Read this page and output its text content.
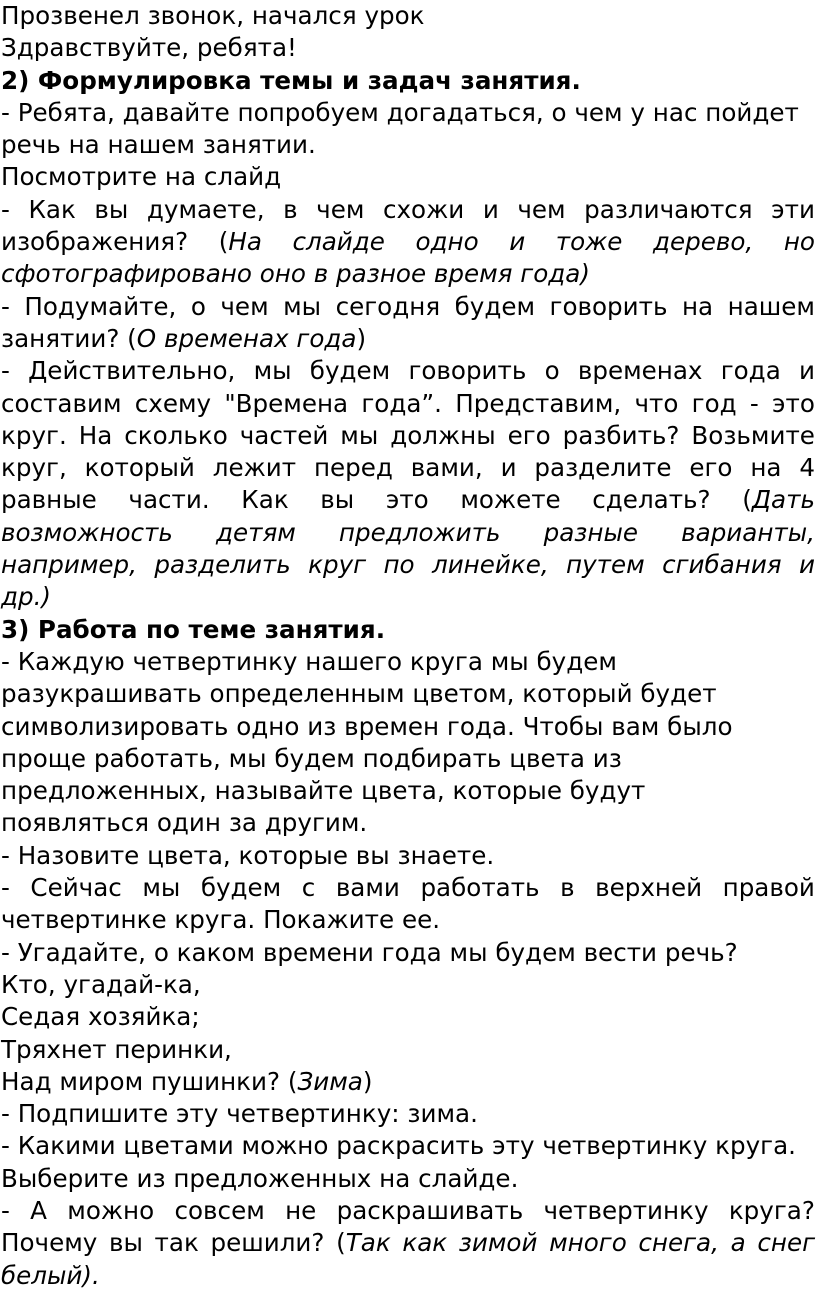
Прозвенел звонок, начался урок
Здравствуйте, ребята!
2) Формулировка темы и задач занятия.
- Ребята, давайте попробуем догадаться, о чем у нас пойдет
речь на нашем занятии.
Посмотрите на слайд
- Как вы думаете, в чем схожи и чем различаются эти
изображения? (На слайде одно и тоже дерево, но
сфотографировано оно в разное время года)
- Подумайте, о чем мы сегодня будем говорить на нашем
занятии? (О временах года)
- Действительно, мы будем говорить о временах года и
составим схему "Времена года”. Представим, что год - это
круг. На сколько частей мы должны его разбить? Возьмите
круг, который лежит перед вами, и разделите его на 4
равные части. Как вы это можете сделать? (Дать
возможность детям предложить разные варианты,
например, разделить круг по линейке, путем сгибания и
др.)
3) Работа по теме занятия.
- Каждую четвертинку нашего круга мы будем
разукрашивать определенным цветом, который будет
символизировать одно из времен года. Чтобы вам было
проще работать, мы будем подбирать цвета из
предложенных, называйте цвета, которые будут
появляться один за другим.
- Назовите цвета, которые вы знаете.
- Сейчас мы будем с вами работать в верхней правой
четвертинке круга. Покажите ее.
- Угадайте, о каком времени года мы будем вести речь?
Кто, угадай-ка,
Седая хозяйка;
Тряхнет перинки,
Над миром пушинки? (Зима)
- Подпишите эту четвертинку: зима.
- Какими цветами можно раскрасить эту четвертинку круга.
Выберите из предложенных на слайде.
- А можно совсем не раскрашивать четвертинку круга?
Почему вы так решили? (Так как зимой много снега, а снег
белый).
